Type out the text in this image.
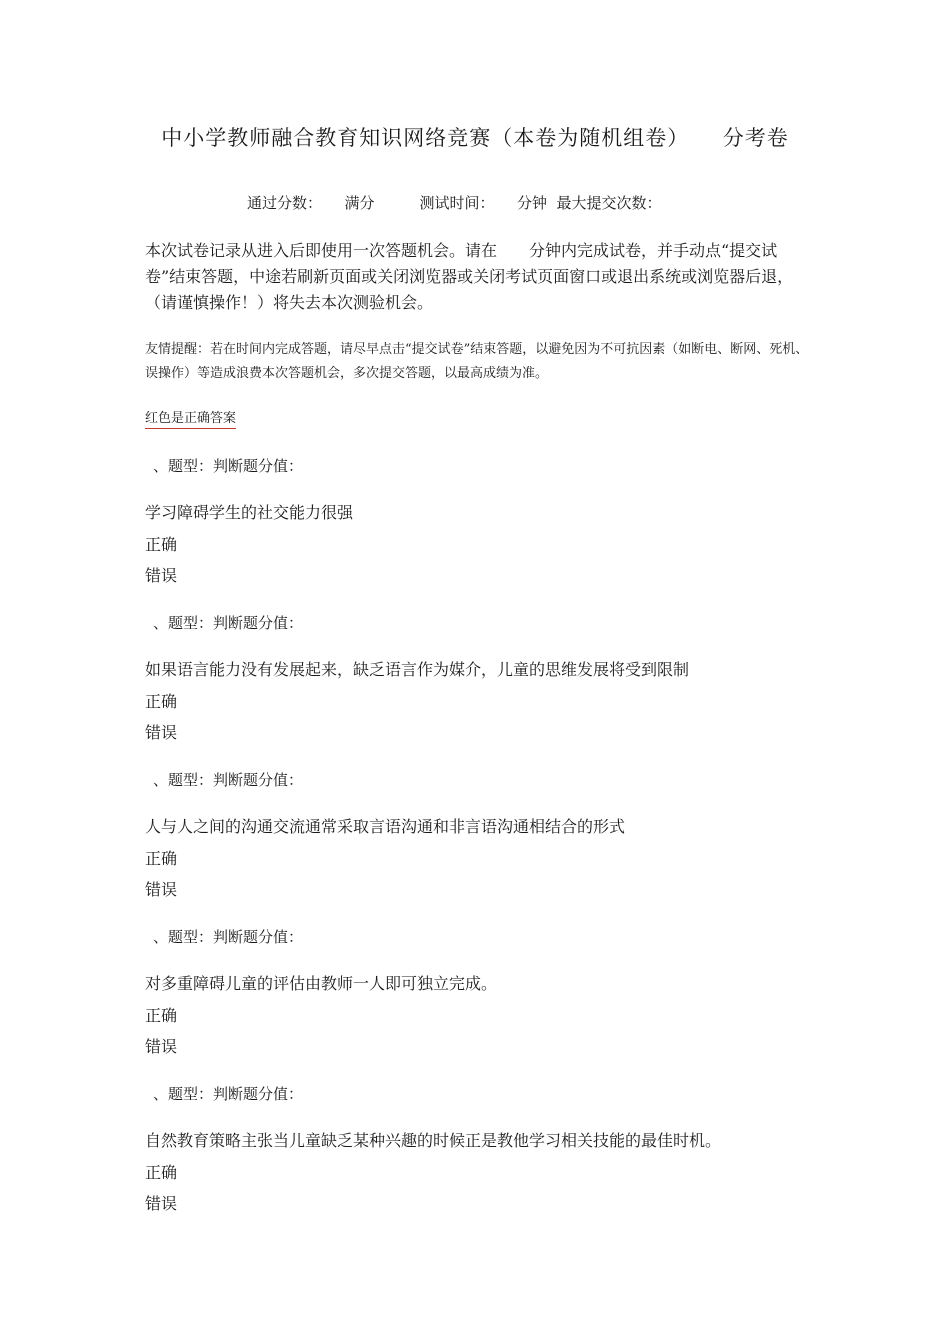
中小学教师融合教育知识网络竞赛（本卷为随机组卷）　　分考卷
通过分数：　　满分　　　测试时间：　　分钟  最大提交次数：
本次试卷记录从进入后即使用一次答题机会。请在　　分钟内完成试卷，并手动点“提交试卷”结束答题，中途若刷新页面或关闭浏览器或关闭考试页面窗口或退出系统或浏览器后退，（请谨慎操作！）将失去本次测验机会。
友情提醒：若在时间内完成答题，请尽早点击“提交试卷”结束答题，以避免因为不可抗因素（如断电、断网、死机、误操作）等造成浪费本次答题机会，多次提交答题，以最高成绩为准。
红色是正确答案
、题型：判断题分值：
学习障碍学生的社交能力很强
正确
错误
、题型：判断题分值：
如果语言能力没有发展起来，缺乏语言作为媒介，儿童的思维发展将受到限制
正确
错误
、题型：判断题分值：
人与人之间的沟通交流通常采取言语沟通和非言语沟通相结合的形式
正确
错误
、题型：判断题分值：
对多重障碍儿童的评估由教师一人即可独立完成。
正确
错误
、题型：判断题分值：
自然教育策略主张当儿童缺乏某种兴趣的时候正是教他学习相关技能的最佳时机。
正确
错误
